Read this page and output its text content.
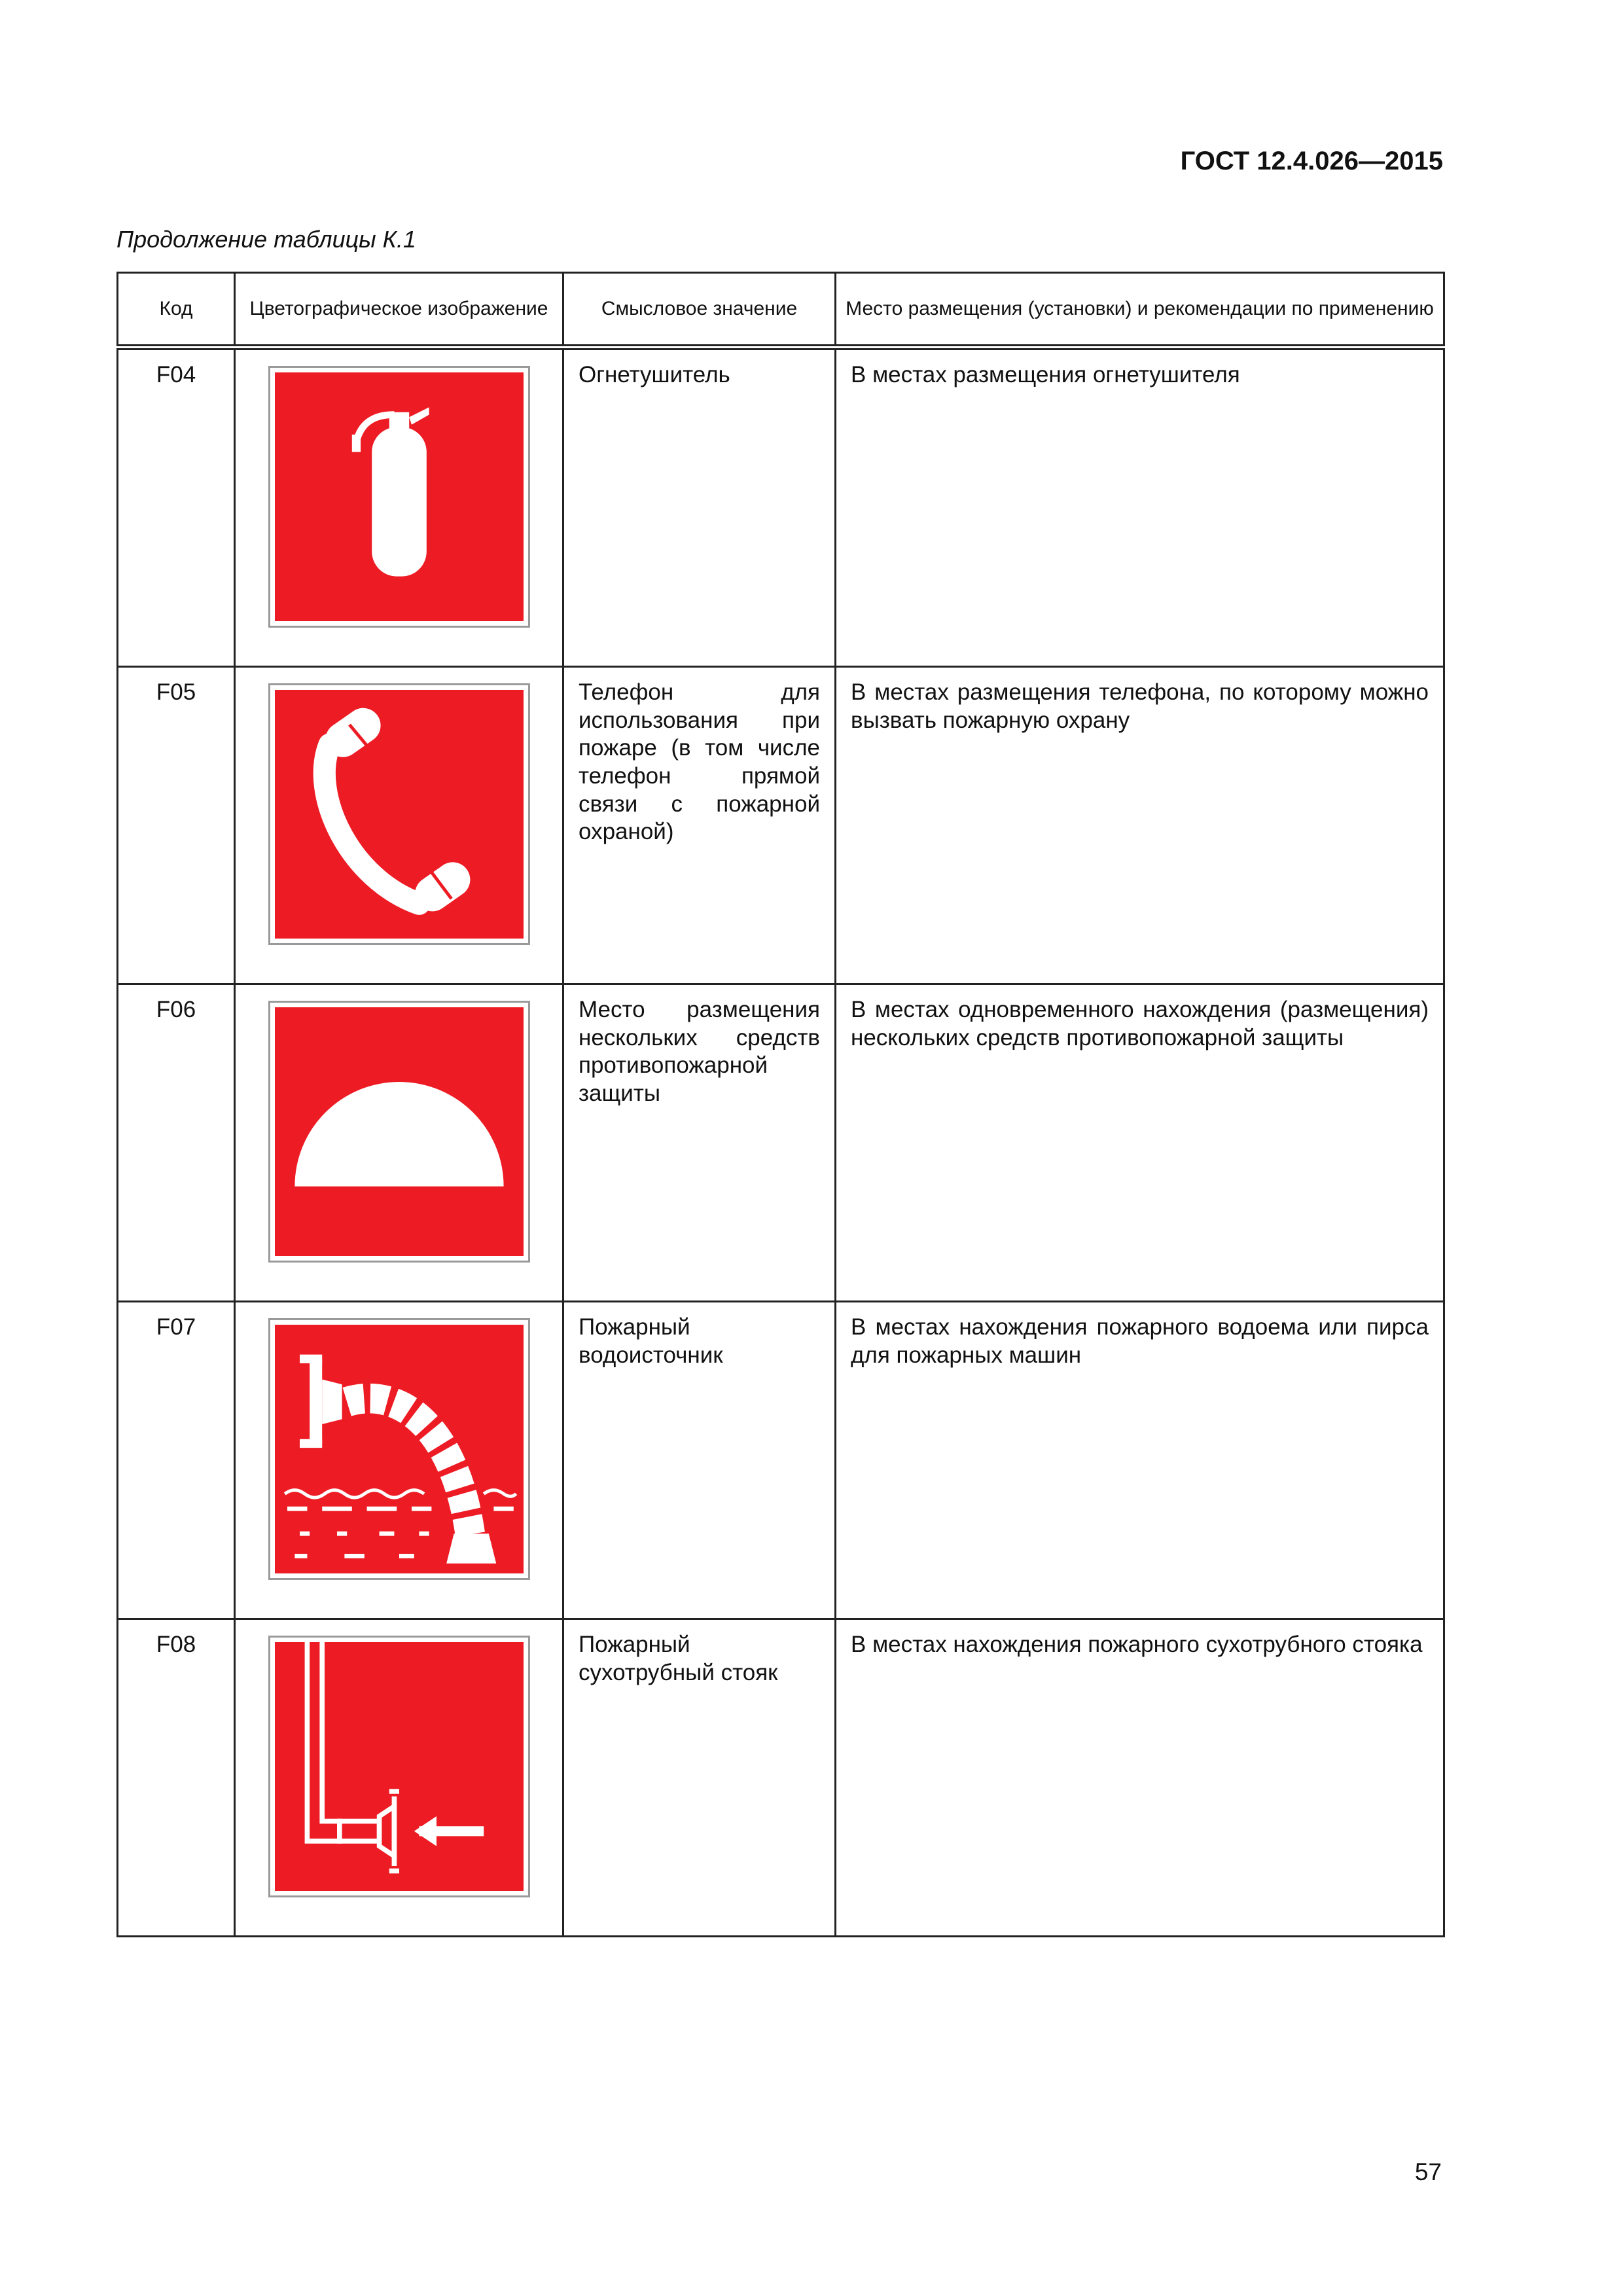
ГОСТ 12.4.026—2015
Продолжение таблицы К.1
Код	Цветографическое изображение	Смысловое значение	Место размещения (установки) и рекомендации по применению
F04		Огнетушитель	В местах размещения огнетушителя
F05		Телефон для использования при пожаре (в том числе телефон прямой связи с пожарной охраной)	В местах размещения телефона, по которому можно вызвать пожарную охрану
F06		Место размещения нескольких средств противопожарной защиты	В местах одновременного нахождения (размещения) нескольких средств противопожарной защиты
F07		Пожарный водоисточник	В местах нахождения пожарного водоема или пирса для пожарных машин
F08		Пожарный сухотрубный стояк	В местах нахождения пожарного сухотрубного стояка
57
